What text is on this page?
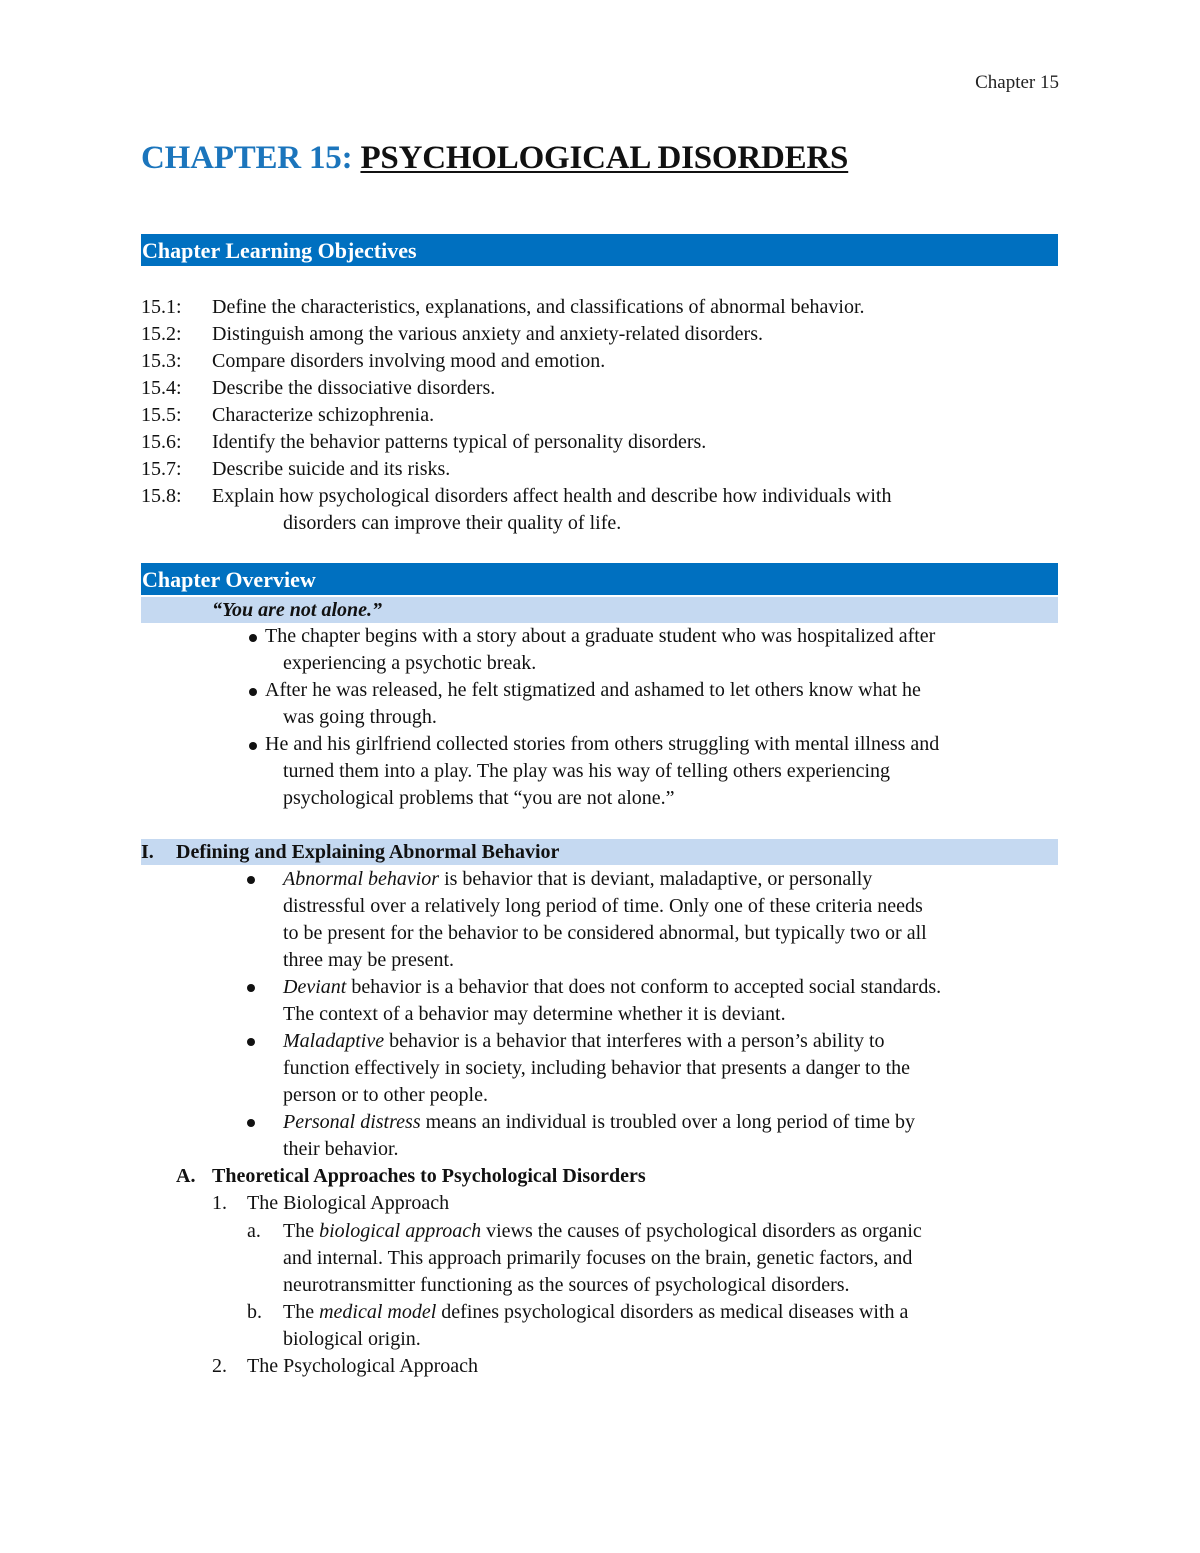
Chapter 15
CHAPTER 15: PSYCHOLOGICAL DISORDERS
Chapter Learning Objectives
15.1: Define the characteristics, explanations, and classifications of abnormal behavior.
15.2: Distinguish among the various anxiety and anxiety-related disorders.
15.3: Compare disorders involving mood and emotion.
15.4: Describe the dissociative disorders.
15.5: Characterize schizophrenia.
15.6: Identify the behavior patterns typical of personality disorders.
15.7: Describe suicide and its risks.
15.8: Explain how psychological disorders affect health and describe how individuals with
disorders can improve their quality of life.
Chapter Overview
“You are not alone.”
The chapter begins with a story about a graduate student who was hospitalized after
experiencing a psychotic break.
After he was released, he felt stigmatized and ashamed to let others know what he
was going through.
He and his girlfriend collected stories from others struggling with mental illness and
turned them into a play. The play was his way of telling others experiencing
psychological problems that “you are not alone.”
I. Defining and Explaining Abnormal Behavior
Abnormal behavior is behavior that is deviant, maladaptive, or personally
distressful over a relatively long period of time. Only one of these criteria needs
to be present for the behavior to be considered abnormal, but typically two or all
three may be present.
Deviant behavior is a behavior that does not conform to accepted social standards.
The context of a behavior may determine whether it is deviant.
Maladaptive behavior is a behavior that interferes with a person’s ability to
function effectively in society, including behavior that presents a danger to the
person or to other people.
Personal distress means an individual is troubled over a long period of time by
their behavior.
A. Theoretical Approaches to Psychological Disorders
1. The Biological Approach
a. The biological approach views the causes of psychological disorders as organic
and internal. This approach primarily focuses on the brain, genetic factors, and
neurotransmitter functioning as the sources of psychological disorders.
b. The medical model defines psychological disorders as medical diseases with a
biological origin.
2. The Psychological Approach
